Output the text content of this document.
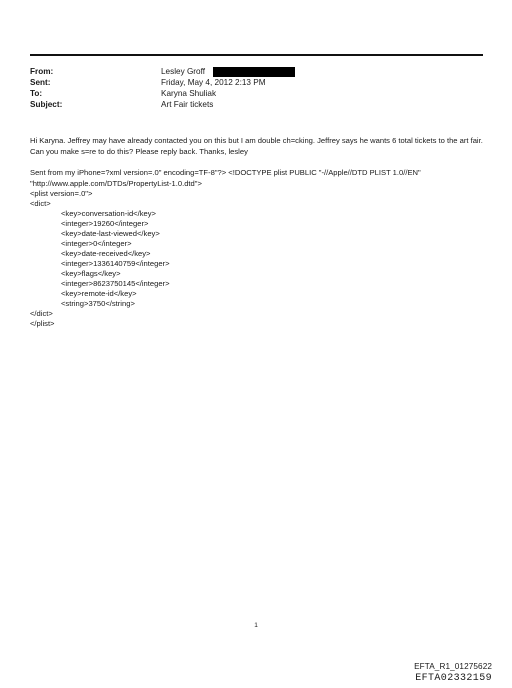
From:	Lesley Groff
Sent:	Friday, May 4, 2012 2:13 PM
To:	Karyna Shuliak
Subject:	Art Fair tickets

Hi Karyna. Jeffrey may have already contacted you on this but I am double ch=cking. Jeffrey says he wants 6 total tickets to the art fair. Can you make s=re to do this? Please reply back. Thanks, lesley

Sent from my iPhone=?xml version=.0" encoding=TF-8"?> <!DOCTYPE plist PUBLIC "-//Apple//DTD PLIST 1.0//EN" "http://www.apple.com/DTDs/PropertyList-1.0.dtd">
<plist version=.0">
<dict>
<key>conversation-id</key>
<integer>19260</integer>
<key>date-last-viewed</key>
<integer>0</integer>
<key>date-received</key>
<integer>1336140759</integer>
<key>flags</key>
<integer>8623750145</integer>
<key>remote-id</key>
<string>3750</string>
</dict>
</plist>
1
EFTA_R1_01275622
EFTA02332159
